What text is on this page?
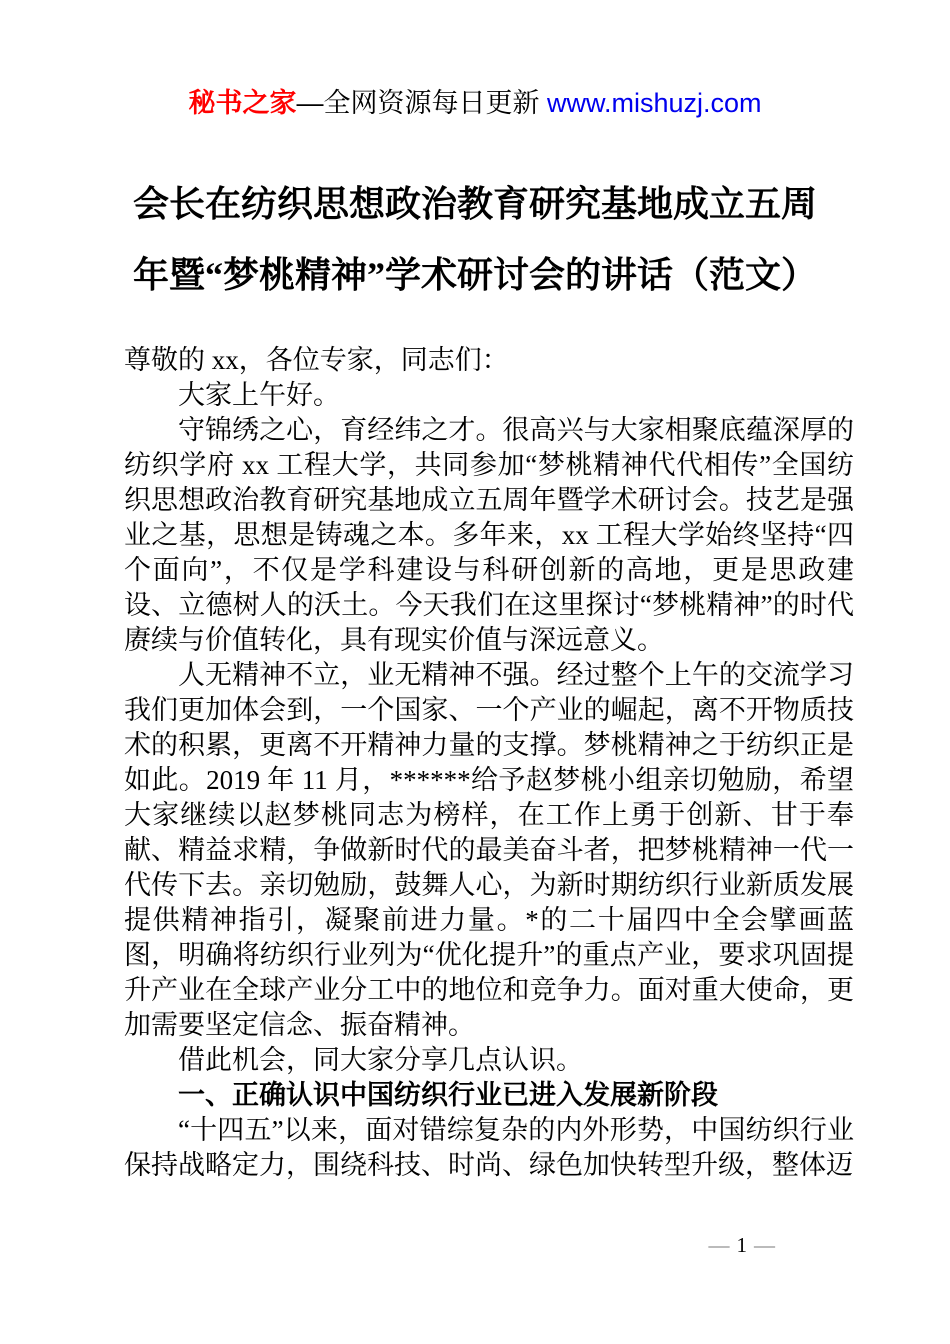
秘书之家—全网资源每日更新 www.mishuzj.com
会长在纺织思想政治教育研究基地成立五周
年暨“梦桃精神”学术研讨会的讲话（范文）

尊敬的 xx，各位专家，同志们：

大家上午好。

守锦绣之心，育经纬之才。很高兴与大家相聚底蕴深厚的纺织学府 xx 工程大学，共同参加“梦桃精神代代相传”全国纺织思想政治教育研究基地成立五周年暨学术研讨会。技艺是强业之基，思想是铸魂之本。多年来，xx 工程大学始终坚持“四个面向”，不仅是学科建设与科研创新的高地，更是思政建设、立德树人的沃土。今天我们在这里探讨“梦桃精神”的时代赓续与价值转化，具有现实价值与深远意义。

人无精神不立，业无精神不强。经过整个上午的交流学习我们更加体会到，一个国家、一个产业的崛起，离不开物质技术的积累，更离不开精神力量的支撑。梦桃精神之于纺织正是如此。2019 年 11 月，******给予赵梦桃小组亲切勉励，希望大家继续以赵梦桃同志为榜样，在工作上勇于创新、甘于奉献、精益求精，争做新时代的最美奋斗者，把梦桃精神一代一代传下去。亲切勉励，鼓舞人心，为新时期纺织行业新质发展提供精神指引，凝聚前进力量。*的二十届四中全会擘画蓝图，明确将纺织行业列为“优化提升”的重点产业，要求巩固提升产业在全球产业分工中的地位和竞争力。面对重大使命，更加需要坚定信念、振奋精神。

借此机会，同大家分享几点认识。

一、正确认识中国纺织行业已进入发展新阶段

“十四五”以来，面对错综复杂的内外形势，中国纺织行业保持战略定力，围绕科技、时尚、绿色加快转型升级，整体迈

— 1 —
